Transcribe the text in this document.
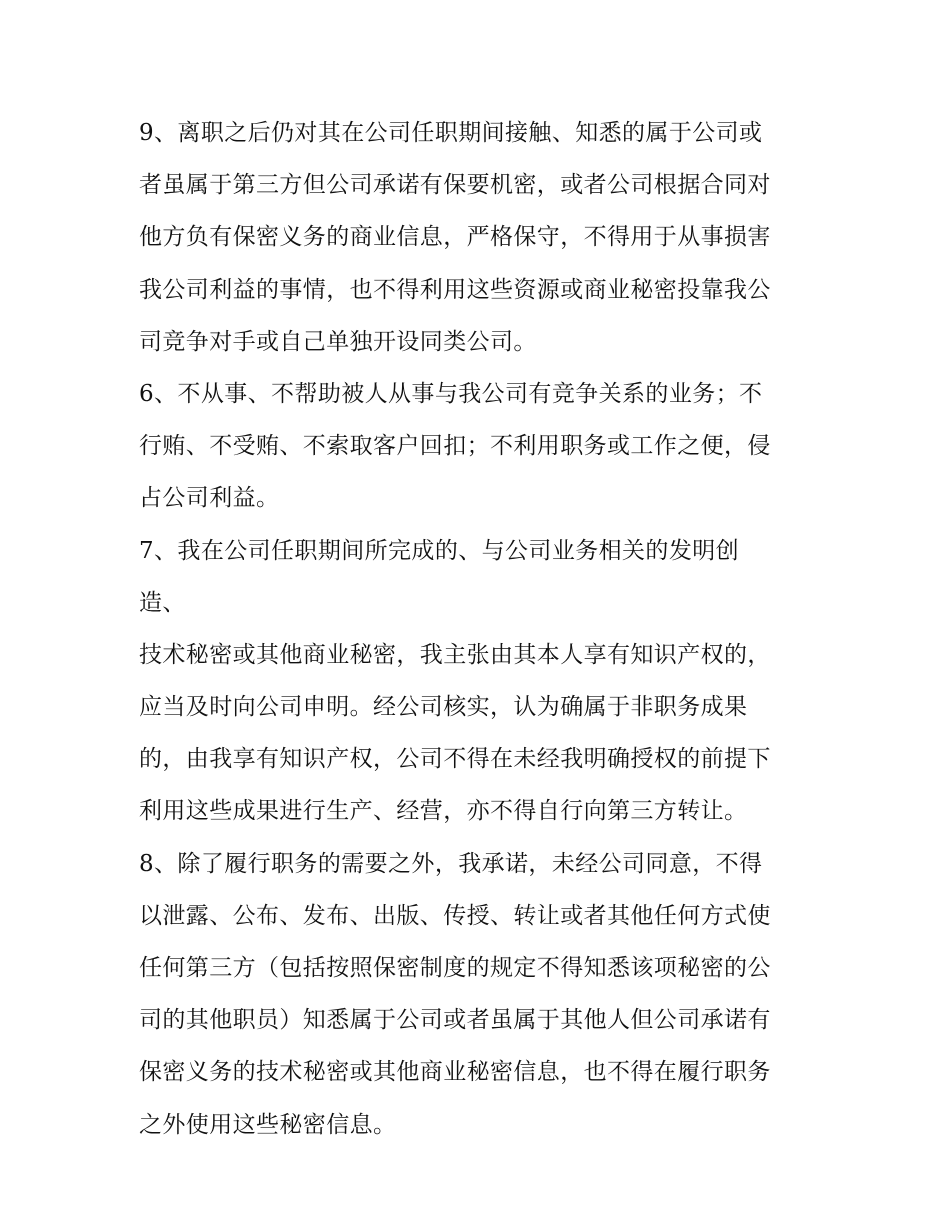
9、离职之后仍对其在公司任职期间接触、知悉的属于公司或
者虽属于第三方但公司承诺有保要机密，或者公司根据合同对
他方负有保密义务的商业信息，严格保守，不得用于从事损害
我公司利益的事情，也不得利用这些资源或商业秘密投靠我公
司竞争对手或自己单独开设同类公司。
6、不从事、不帮助被人从事与我公司有竞争关系的业务；不
行贿、不受贿、不索取客户回扣；不利用职务或工作之便，侵
占公司利益。
7、我在公司任职期间所完成的、与公司业务相关的发明创
造、
技术秘密或其他商业秘密，我主张由其本人享有知识产权的，
应当及时向公司申明。经公司核实，认为确属于非职务成果
的，由我享有知识产权，公司不得在未经我明确授权的前提下
利用这些成果进行生产、经营，亦不得自行向第三方转让。
8、除了履行职务的需要之外，我承诺，未经公司同意，不得
以泄露、公布、发布、出版、传授、转让或者其他任何方式使
任何第三方（包括按照保密制度的规定不得知悉该项秘密的公
司的其他职员）知悉属于公司或者虽属于其他人但公司承诺有
保密义务的技术秘密或其他商业秘密信息，也不得在履行职务
之外使用这些秘密信息。
